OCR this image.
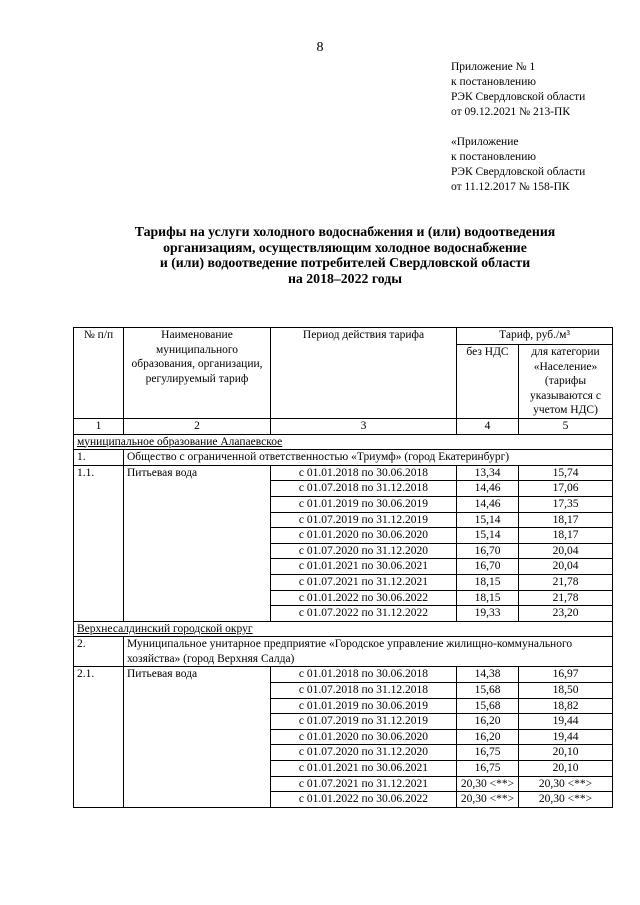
8
Приложение № 1
к постановлению
РЭК Свердловской области
от 09.12.2021 № 213-ПК
«Приложение
к постановлению
РЭК Свердловской области
от 11.12.2017 № 158-ПК
Тарифы на услуги холодного водоснабжения и (или) водоотведения
организациям, осуществляющим холодное водоснабжение
и (или) водоотведение потребителей Свердловской области
на 2018–2022 годы
№ п/п	Наименование муниципального образования, организации, регулируемый тариф	Период действия тарифа	Тариф, руб./м³	
			без НДС	для категории «Население» (тарифы указываются с учетом НДС)
1	2	3	4	5
муниципальное образование Алапаевское				
1.	Общество с ограниченной ответственностью «Триумф» (город Екатеринбург)			
1.1.	Питьевая вода	с 01.01.2018 по 30.06.2018	13,34	15,74
		с 01.07.2018 по 31.12.2018	14,46	17,06
		с 01.01.2019 по 30.06.2019	14,46	17,35
		с 01.07.2019 по 31.12.2019	15,14	18,17
		с 01.01.2020 по 30.06.2020	15,14	18,17
		с 01.07.2020 по 31.12.2020	16,70	20,04
		с 01.01.2021 по 30.06.2021	16,70	20,04
		с 01.07.2021 по 31.12.2021	18,15	21,78
		с 01.01.2022 по 30.06.2022	18,15	21,78
		с 01.07.2022 по 31.12.2022	19,33	23,20
Верхнесалдинский городской округ				
2.	Муниципальное унитарное предприятие «Городское управление жилищно-коммунального хозяйства» (город Верхняя Салда)			
2.1.	Питьевая вода	с 01.01.2018 по 30.06.2018	14,38	16,97
		с 01.07.2018 по 31.12.2018	15,68	18,50
		с 01.01.2019 по 30.06.2019	15,68	18,82
		с 01.07.2019 по 31.12.2019	16,20	19,44
		с 01.01.2020 по 30.06.2020	16,20	19,44
		с 01.07.2020 по 31.12.2020	16,75	20,10
		с 01.01.2021 по 30.06.2021	16,75	20,10
		с 01.07.2021 по 31.12.2021	20,30 <**>	20,30 <**>
		с 01.01.2022 по 30.06.2022	20,30 <**>	20,30 <**>
